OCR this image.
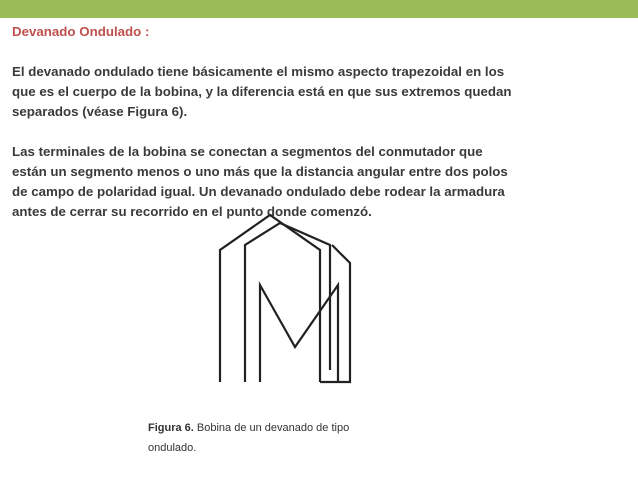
Devanado Ondulado :

El devanado ondulado tiene básicamente el mismo aspecto trapezoidal en los
que es el cuerpo de la bobina, y la diferencia está en que sus extremos quedan
separados (véase Figura 6).

Las terminales de la bobina se conectan a segmentos del conmutador que
están un segmento menos o uno más que la distancia angular entre dos polos
de campo de polaridad igual. Un devanado ondulado debe rodear la armadura
antes de cerrar su recorrido en el punto donde comenzó.

Figura 6. Bobina de un devanado de tipo
ondulado.
